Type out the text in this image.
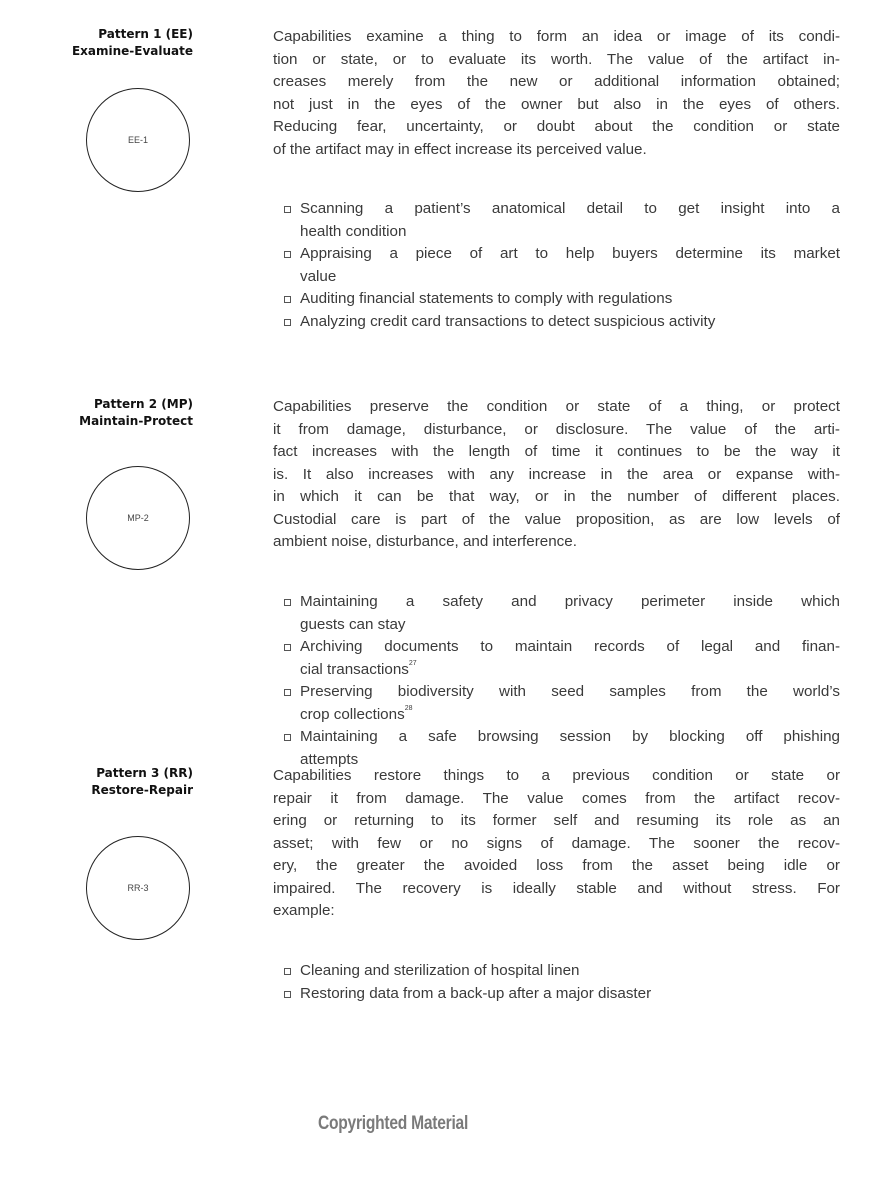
Pattern 1 (EE)
Examine-Evaluate
EE-1
Capabilities examine a thing to form an idea or image of its condi-
tion or state, or to evaluate its worth. The value of the artifact in-
creases merely from the new or additional information obtained;
not just in the eyes of the owner but also in the eyes of others.
Reducing fear, uncertainty, or doubt about the condition or state
of the artifact may in effect increase its perceived value.
Scanning a patient’s anatomical detail to get insight into a
health condition
Appraising a piece of art to help buyers determine its market
value
Auditing financial statements to comply with regulations
Analyzing credit card transactions to detect suspicious activity
Pattern 2 (MP)
Maintain-Protect
MP-2
Capabilities preserve the condition or state of a thing, or protect
it from damage, disturbance, or disclosure. The value of the arti-
fact increases with the length of time it continues to be the way it
is. It also increases with any increase in the area or expanse with-
in which it can be that way, or in the number of different places.
Custodial care is part of the value proposition, as are low levels of
ambient noise, disturbance, and interference.
Maintaining a safety and privacy perimeter inside which
guests can stay
Archiving documents to maintain records of legal and finan-
cial transactions$^{27}$
Preserving biodiversity with seed samples from the world’s
crop collections$^{28}$
Maintaining a safe browsing session by blocking off phishing
attempts
Pattern 3 (RR)
Restore-Repair
RR-3
Capabilities restore things to a previous condition or state or
repair it from damage. The value comes from the artifact recov-
ering or returning to its former self and resuming its role as an
asset; with few or no signs of damage. The sooner the recov-
ery, the greater the avoided loss from the asset being idle or
impaired. The recovery is ideally stable and without stress. For
example:
Cleaning and sterilization of hospital linen
Restoring data from a back-up after a major disaster
Copyrighted Material
